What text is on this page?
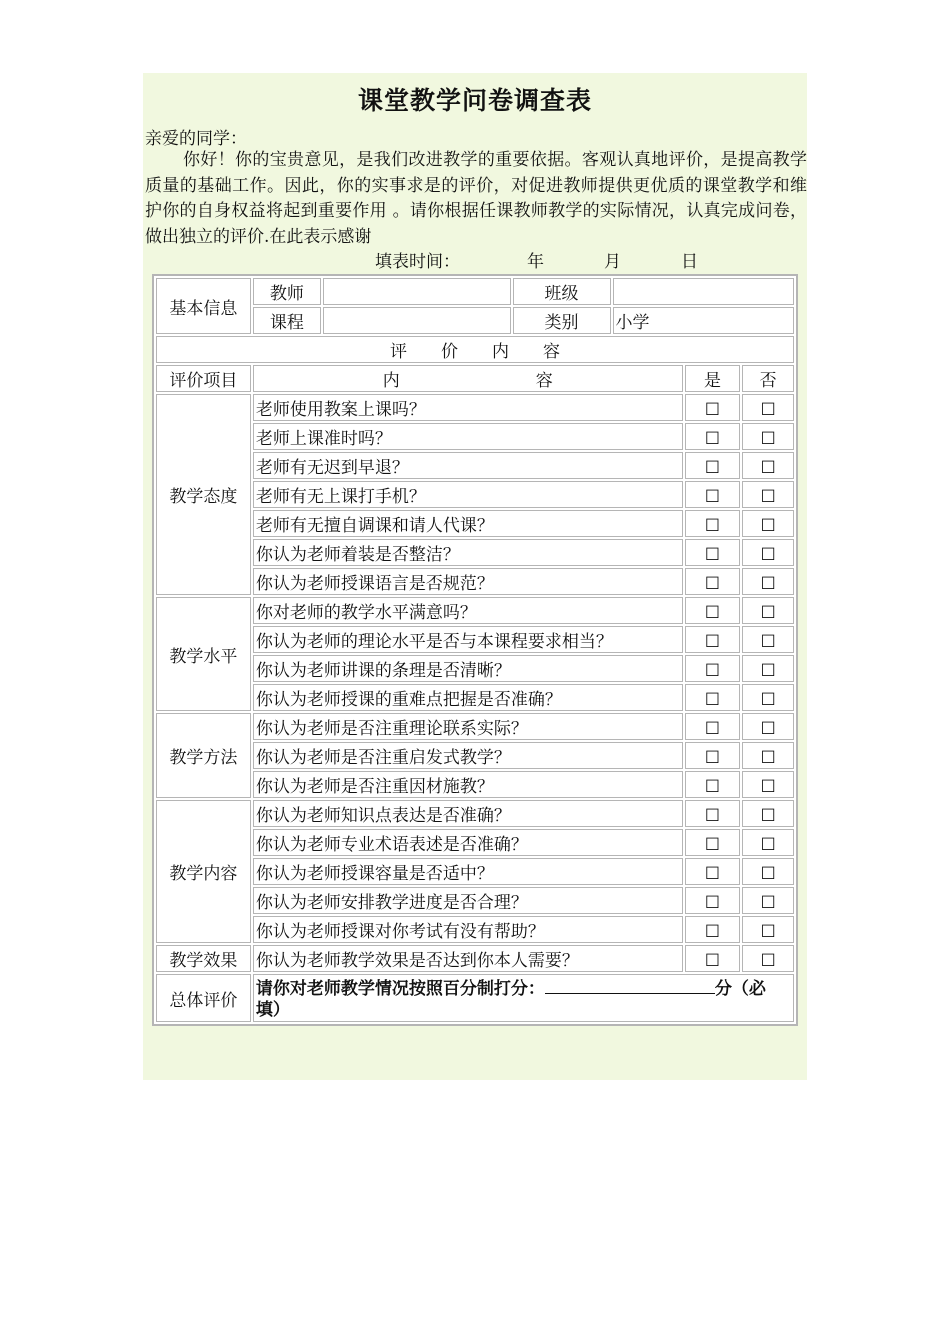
课堂教学问卷调查表
亲爱的同学：

你好！你的宝贵意见，是我们改进教学的重要依据。客观认真地评价，是提高教学质量的基础工作。因此，你的实事求是的评价，对促进教师提供更优质的课堂教学和维护你的自身权益将起到重要作用 。请你根据任课教师教学的实际情况，认真完成问卷，做出独立的评价.在此表示感谢

填表时间：	年	月	日
基本信息	教师		班级			
	课程		类别	小学		
评　　价　　内　　容						
评价项目	内　　　　　　　　容				是	否
教学态度	老师使用教案上课吗？				□	□
	老师上课准时吗？				□	□
	老师有无迟到早退？				□	□
	老师有无上课打手机？				□	□
	老师有无擅自调课和请人代课？				□	□
	你认为老师着装是否整洁？				□	□
	你认为老师授课语言是否规范？				□	□
教学水平	你对老师的教学水平满意吗？				□	□
	你认为老师的理论水平是否与本课程要求相当？				□	□
	你认为老师讲课的条理是否清晰？				□	□
	你认为老师授课的重难点把握是否准确？				□	□
教学方法	你认为老师是否注重理论联系实际？				□	□
	你认为老师是否注重启发式教学？				□	□
	你认为老师是否注重因材施教？				□	□
教学内容	你认为老师知识点表达是否准确？				□	□
	你认为老师专业术语表述是否准确？				□	□
	你认为老师授课容量是否适中？				□	□
	你认为老师安排教学进度是否合理？				□	□
	你认为老师授课对你考试有没有帮助？				□	□
教学效果	你认为老师教学效果是否达到你本人需要？				□	□
总体评价	请你对老师教学情况按照百分制打分： 分（必填）					
